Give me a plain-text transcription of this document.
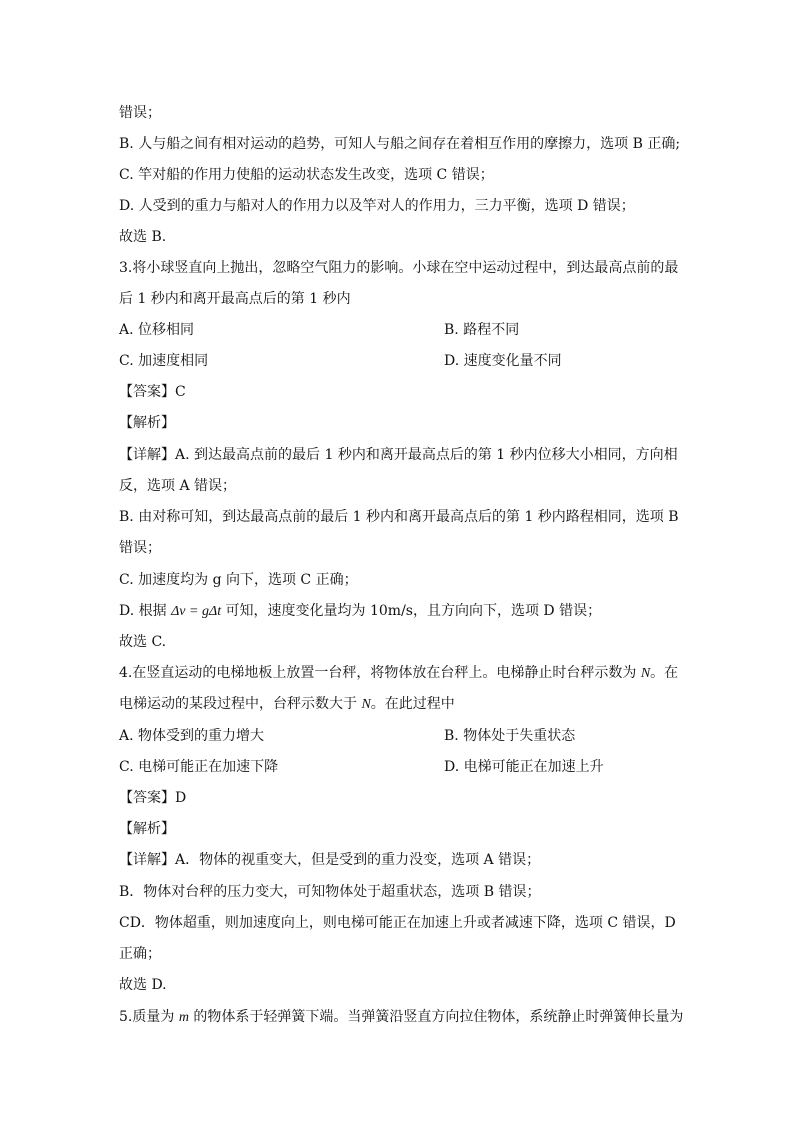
错误；
B. 人与船之间有相对运动的趋势，可知人与船之间存在着相互作用的摩擦力，选项 B 正确;
C. 竿对船的作用力使船的运动状态发生改变，选项 C 错误；
D. 人受到的重力与船对人的作用力以及竿对人的作用力，三力平衡，选项 D 错误；
故选 B.
3.将小球竖直向上抛出，忽略空气阻力的影响。小球在空中运动过程中，到达最高点前的最
后 1 秒内和离开最高点后的第 1 秒内
A. 位移相同	B. 路程不同
C. 加速度相同	D. 速度变化量不同
【答案】C
【解析】
【详解】A. 到达最高点前的最后 1 秒内和离开最高点后的第 1 秒内位移大小相同，方向相
反，选项 A 错误；
B. 由对称可知，到达最高点前的最后 1 秒内和离开最高点后的第 1 秒内路程相同，选项 B
错误；
C. 加速度均为 g 向下，选项 C 正确；
D. 根据 Δv = gΔt 可知，速度变化量均为 10m/s，且方向向下，选项 D 错误；
故选 C.
4.在竖直运动的电梯地板上放置一台秤，将物体放在台秤上。电梯静止时台秤示数为 N。在
电梯运动的某段过程中，台秤示数大于 N。在此过程中
A. 物体受到的重力增大	B. 物体处于失重状态
C. 电梯可能正在加速下降	D. 电梯可能正在加速上升
【答案】D
【解析】
【详解】A．物体的视重变大，但是受到的重力没变，选项 A 错误；
B．物体对台秤的压力变大，可知物体处于超重状态，选项 B 错误；
CD．物体超重，则加速度向上，则电梯可能正在加速上升或者减速下降，选项 C 错误，D
正确；
故选 D.
5.质量为 m 的物体系于轻弹簧下端。当弹簧沿竖直方向拉住物体，系统静止时弹簧伸长量为
